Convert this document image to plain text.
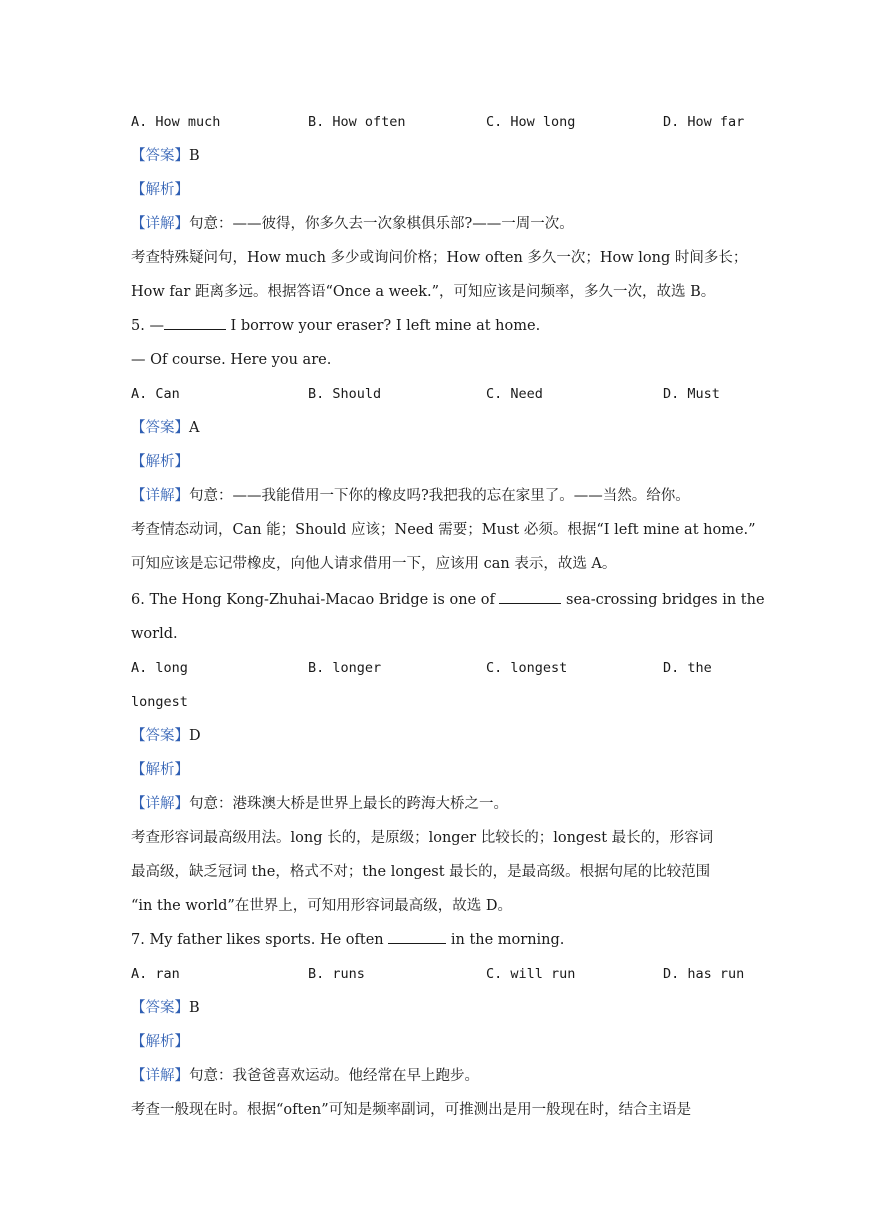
A. How much	B. How often	C. How long	D. How far
【答案】B
【解析】
【详解】句意：——彼得，你多久去一次象棋俱乐部?——一周一次。
考查特殊疑问句，How much 多少或询问价格；How often 多久一次；How long 时间多长；
How far 距离多远。根据答语“Once a week.”，可知应该是问频率，多久一次，故选 B。
5. —	I borrow your eraser? I left mine at home.
— Of course. Here you are.
A. Can	B. Should	C. Need	D. Must
【答案】A
【解析】
【详解】句意：——我能借用一下你的橡皮吗?我把我的忘在家里了。——当然。给你。
考查情态动词，Can 能；Should 应该；Need 需要；Must 必须。根据“I left mine at home.”
可知应该是忘记带橡皮，向他人请求借用一下，应该用 can 表示，故选 A。
6. The Hong Kong-Zhuhai-Macao Bridge is one of	sea-crossing bridges in the
world.
A. long	B. longer	C. longest	D. the
longest
【答案】D
【解析】
【详解】句意：港珠澳大桥是世界上最长的跨海大桥之一。
考查形容词最高级用法。long 长的，是原级；longer 比较长的；longest 最长的，形容词
最高级，缺乏冠词 the，格式不对；the longest 最长的，是最高级。根据句尾的比较范围
“in the world”在世界上，可知用形容词最高级，故选 D。
7. My father likes sports. He often	in the morning.
A. ran	B. runs	C. will run	D. has run
【答案】B
【解析】
【详解】句意：我爸爸喜欢运动。他经常在早上跑步。
考查一般现在时。根据“often”可知是频率副词，可推测出是用一般现在时，结合主语是
